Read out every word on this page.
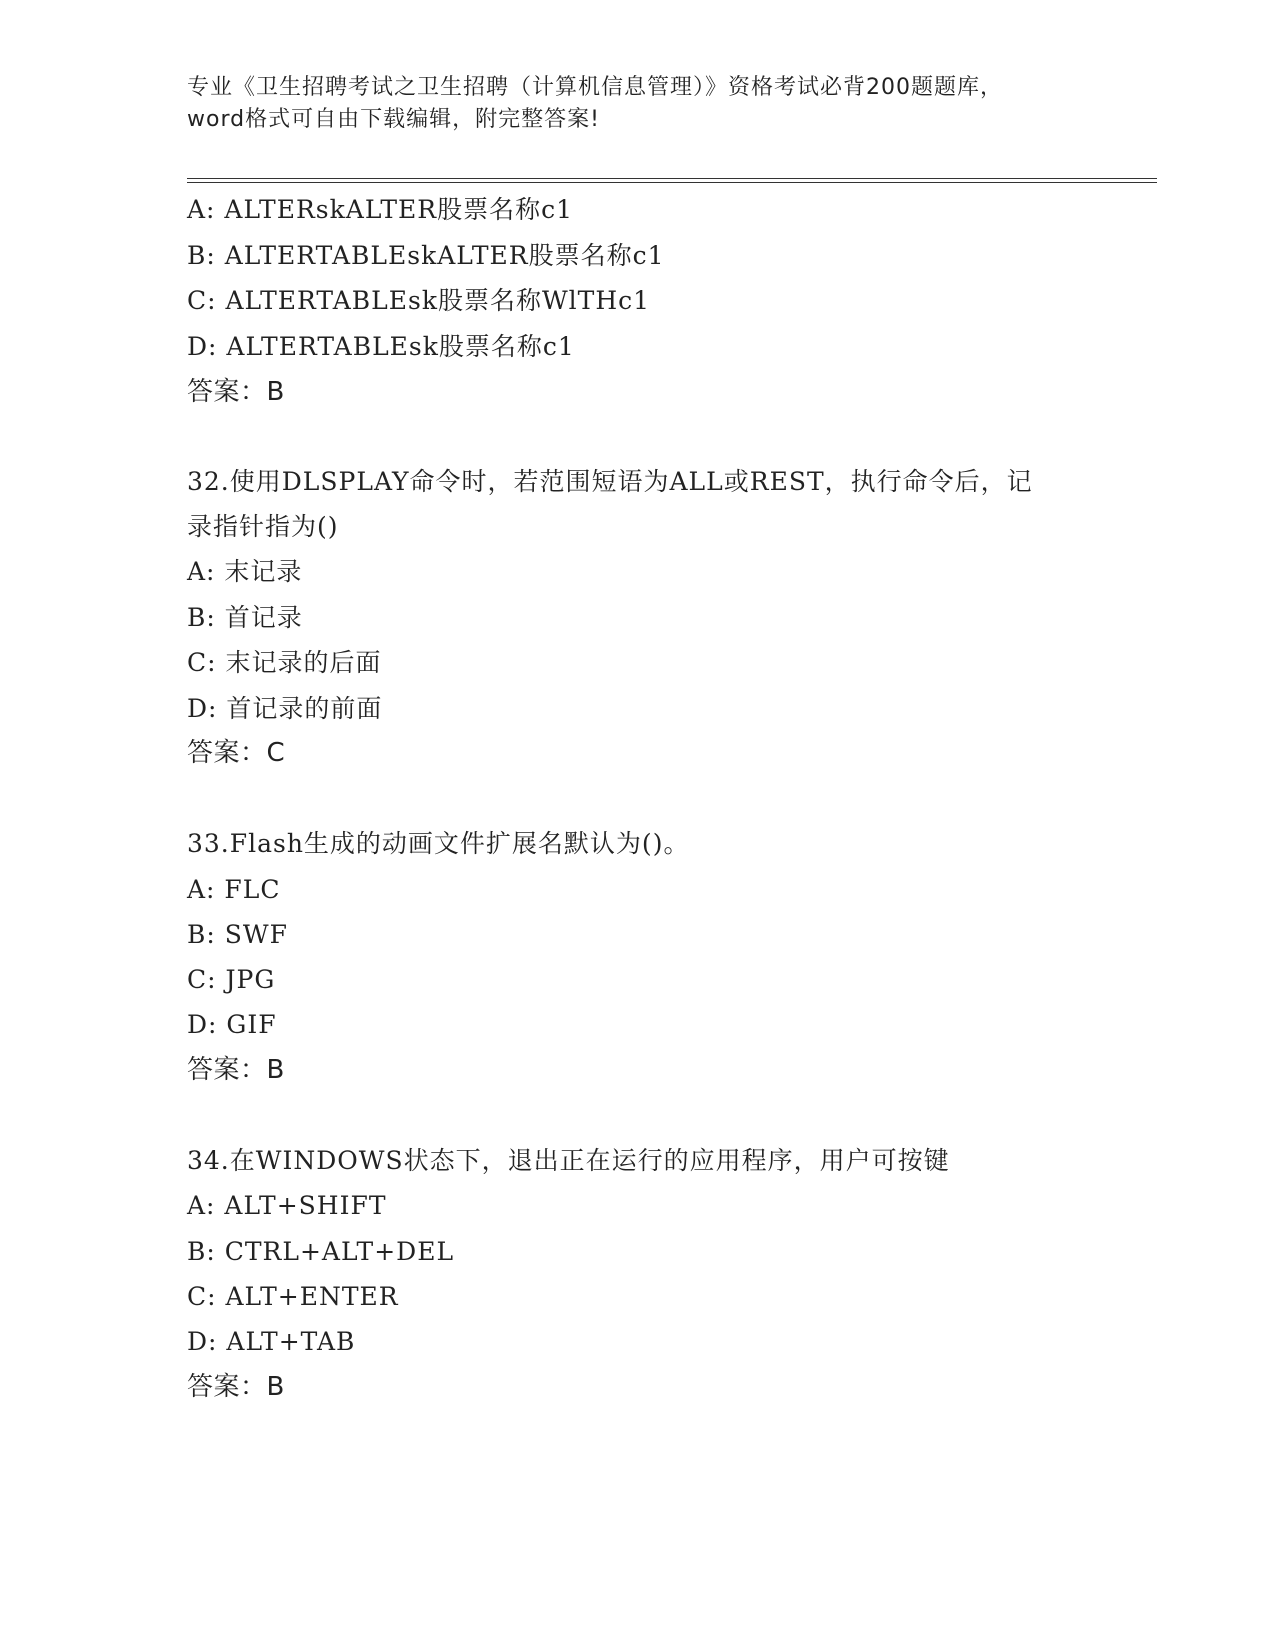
专业《卫生招聘考试之卫生招聘（计算机信息管理）》资格考试必背200题题库，
word格式可自由下载编辑，附完整答案!
A: ALTERskALTER股票名称c1
B: ALTERTABLEskALTER股票名称c1
C: ALTERTABLEsk股票名称WlTHc1
D: ALTERTABLEsk股票名称c1
答案：B
32.使用DLSPLAY命令时，若范围短语为ALL或REST，执行命令后，记
录指针指为()
A: 末记录
B: 首记录
C: 末记录的后面
D: 首记录的前面
答案：C
33.Flash生成的动画文件扩展名默认为()。
A: FLC
B: SWF
C: JPG
D: GIF
答案：B
34.在WINDOWS状态下，退出正在运行的应用程序，用户可按键
A: ALT+SHIFT
B: CTRL+ALT+DEL
C: ALT+ENTER
D: ALT+TAB
答案：B
